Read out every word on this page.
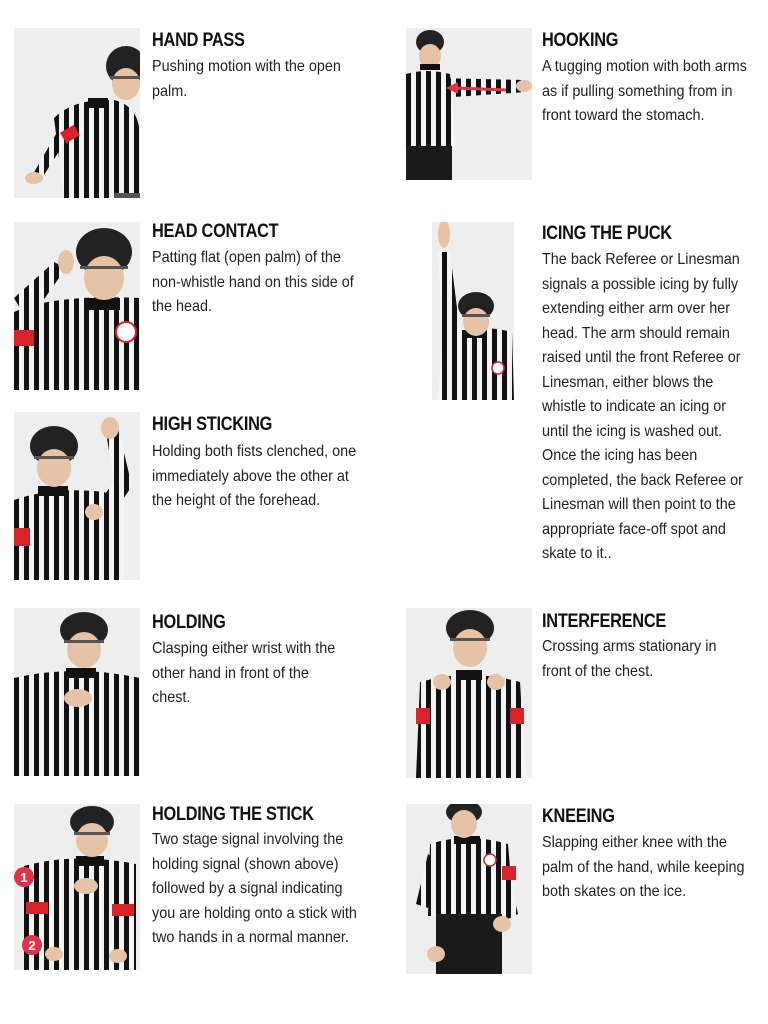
HAND PASS
Pushing motion with the open palm.
HEAD CONTACT
Patting flat (open palm) of the non-whistle hand on this side of the head.
HIGH STICKING
Holding both fists clenched, one immediately above the other at the height of the forehead.
HOLDING
Clasping either wrist with the other hand in front of the chest.
1
2
HOLDING THE STICK
Two stage signal involving the holding signal (shown above) followed by a signal indicating you are holding onto a stick with two hands in a normal manner.
HOOKING
A tugging motion with both arms as if pulling something from in front toward the stomach.
ICING THE PUCK
The back Referee or Linesman signals a possible icing by fully extending either arm over her head. The arm should remain raised until the front Referee or Linesman, either blows the whistle to indicate an icing or until the icing is washed out. Once the icing has been completed, the back Referee or Linesman will then point to the appropriate face-off spot and skate to it..
INTERFERENCE
Crossing arms stationary in front of the chest.
KNEEING
Slapping either knee with the palm of the hand, while keeping both skates on the ice.
